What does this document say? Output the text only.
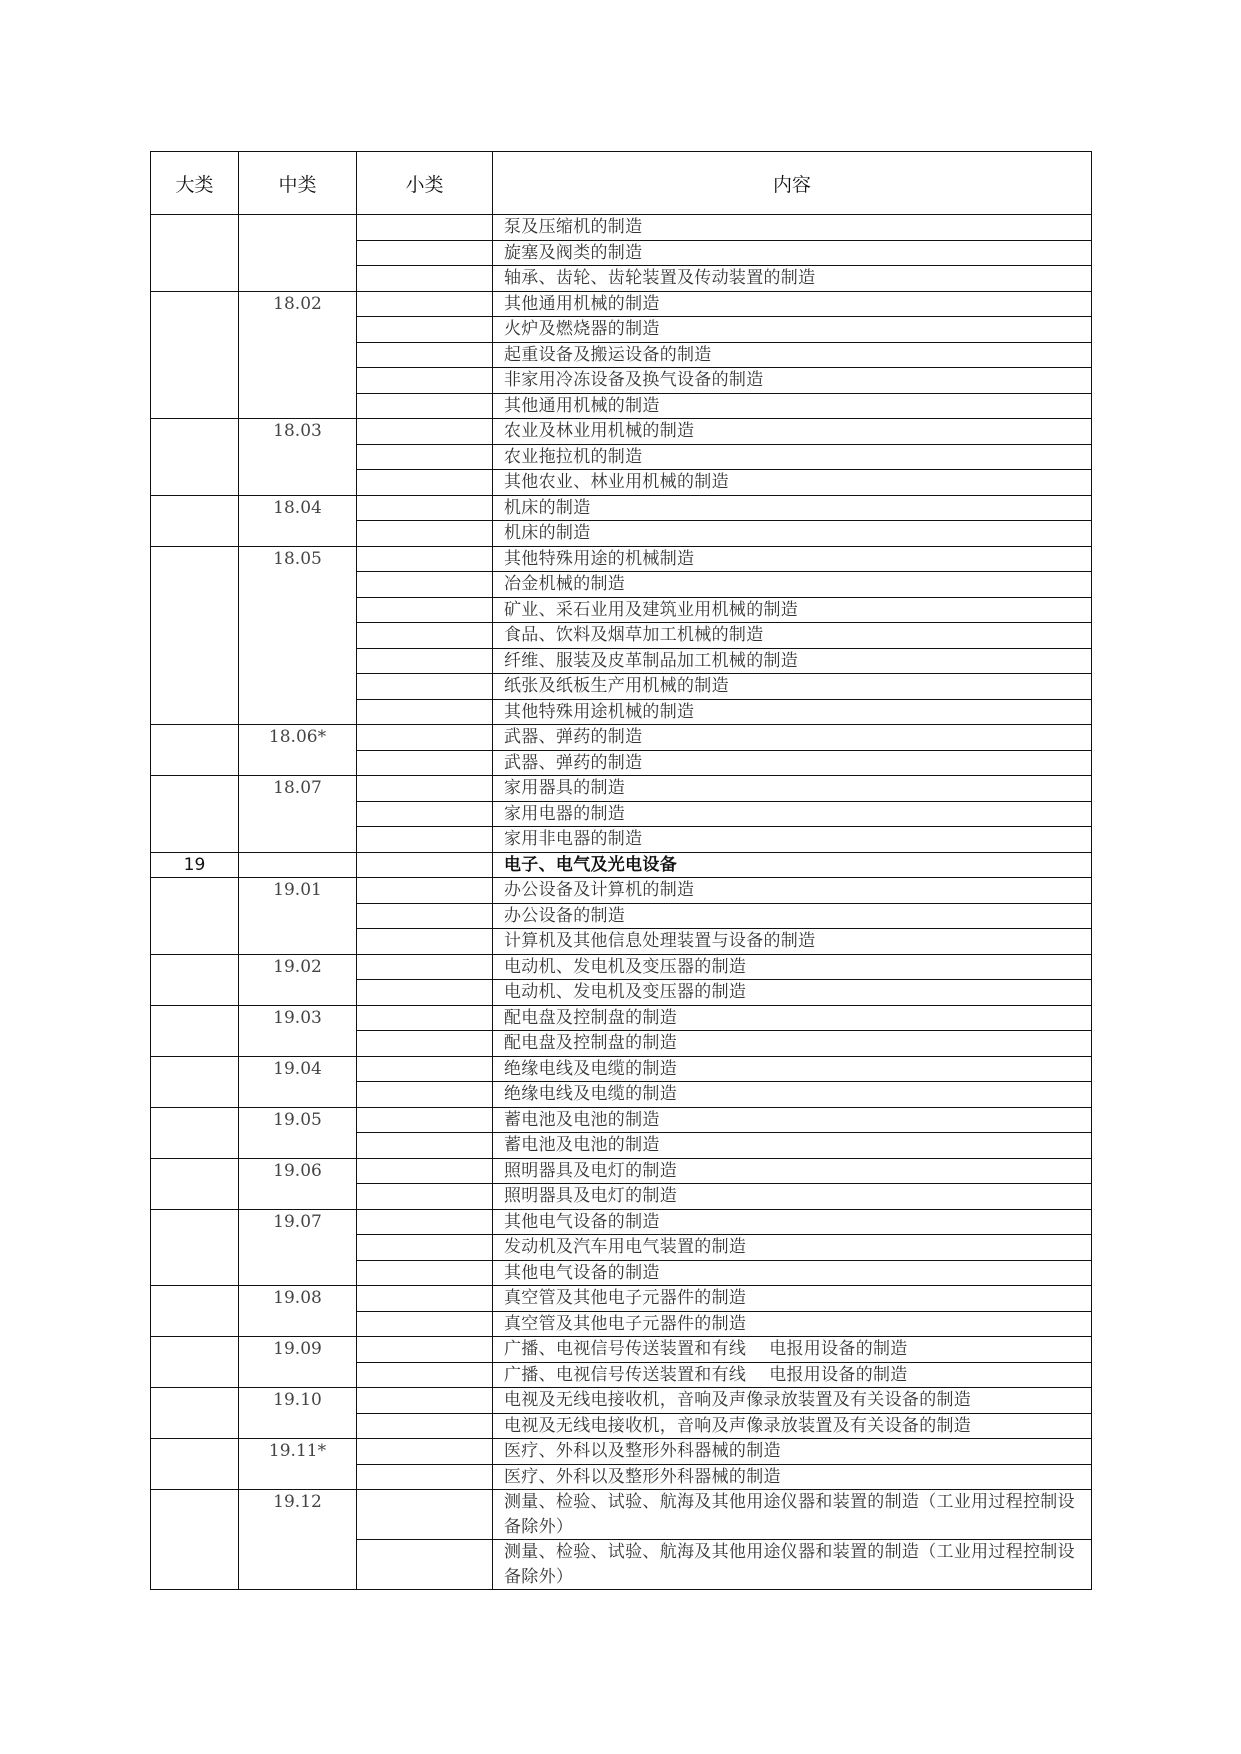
大类	中类	小类	内容
			泵及压缩机的制造
			旋塞及阀类的制造
			轴承、齿轮、齿轮装置及传动装置的制造
	18.02		其他通用机械的制造
			火炉及燃烧器的制造
			起重设备及搬运设备的制造
			非家用冷冻设备及换气设备的制造
			其他通用机械的制造
	18.03		农业及林业用机械的制造
			农业拖拉机的制造
			其他农业、林业用机械的制造
	18.04		机床的制造
			机床的制造
	18.05		其他特殊用途的机械制造
			冶金机械的制造
			矿业、采石业用及建筑业用机械的制造
			食品、饮料及烟草加工机械的制造
			纤维、服装及皮革制品加工机械的制造
			纸张及纸板生产用机械的制造
			其他特殊用途机械的制造
	18.06*		武器、弹药的制造
			武器、弹药的制造
	18.07		家用器具的制造
			家用电器的制造
			家用非电器的制造
19			电子、电气及光电设备
	19.01		办公设备及计算机的制造
			办公设备的制造
			计算机及其他信息处理装置与设备的制造
	19.02		电动机、发电机及变压器的制造
			电动机、发电机及变压器的制造
	19.03		配电盘及控制盘的制造
			配电盘及控制盘的制造
	19.04		绝缘电线及电缆的制造
			绝缘电线及电缆的制造
	19.05		蓄电池及电池的制造
			蓄电池及电池的制造
	19.06		照明器具及电灯的制造
			照明器具及电灯的制造
	19.07		其他电气设备的制造
			发动机及汽车用电气装置的制造
			其他电气设备的制造
	19.08		真空管及其他电子元器件的制造
			真空管及其他电子元器件的制造
	19.09		广播、电视信号传送装置和有线　 电报用设备的制造
			广播、电视信号传送装置和有线　 电报用设备的制造
	19.10		电视及无线电接收机，音响及声像录放装置及有关设备的制造
			电视及无线电接收机，音响及声像录放装置及有关设备的制造
	19.11*		医疗、外科以及整形外科器械的制造
			医疗、外科以及整形外科器械的制造
	19.12		测量、检验、试验、航海及其他用途仪器和装置的制造（工业用过程控制设备除外）
			测量、检验、试验、航海及其他用途仪器和装置的制造（工业用过程控制设备除外）
